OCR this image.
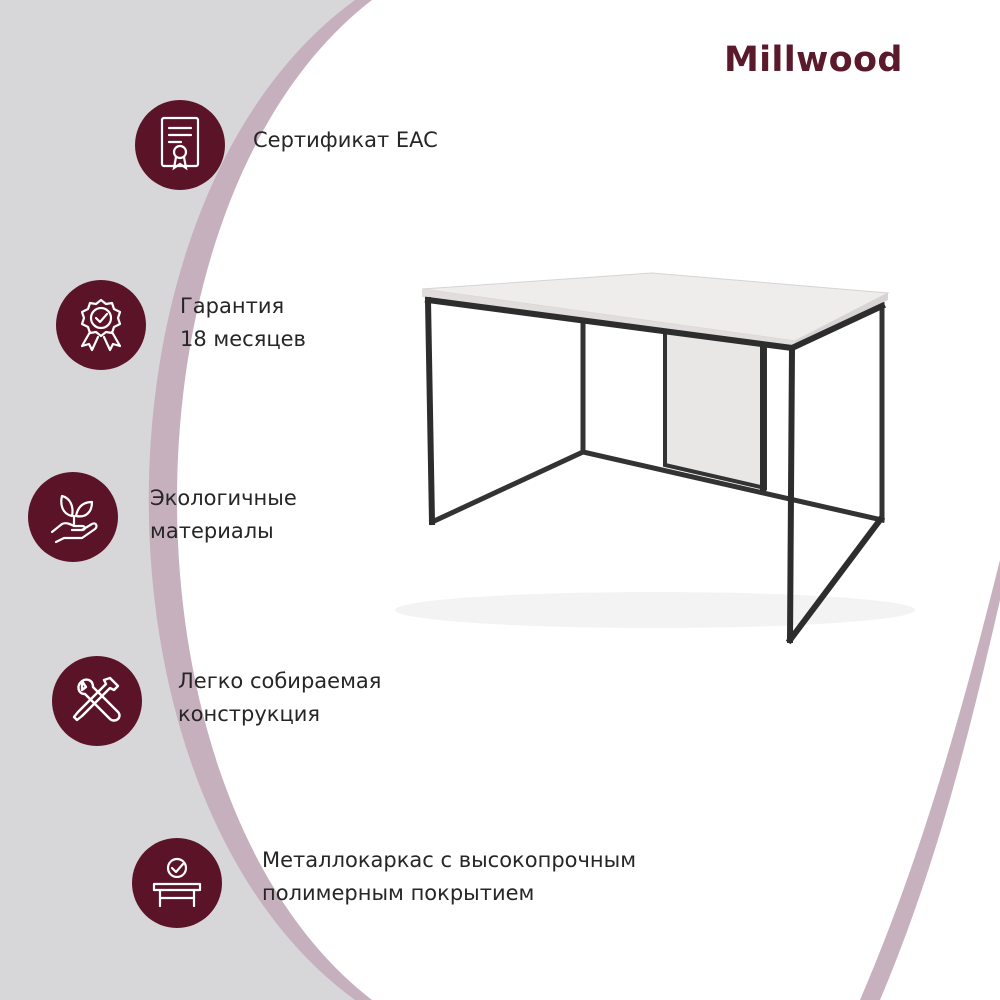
Millwood
Сертификат EAC
Гарантия
18 месяцев
Экологичные
материалы
Легко собираемая
конструкция
Металлокаркас с высокопрочным
полимерным покрытием
